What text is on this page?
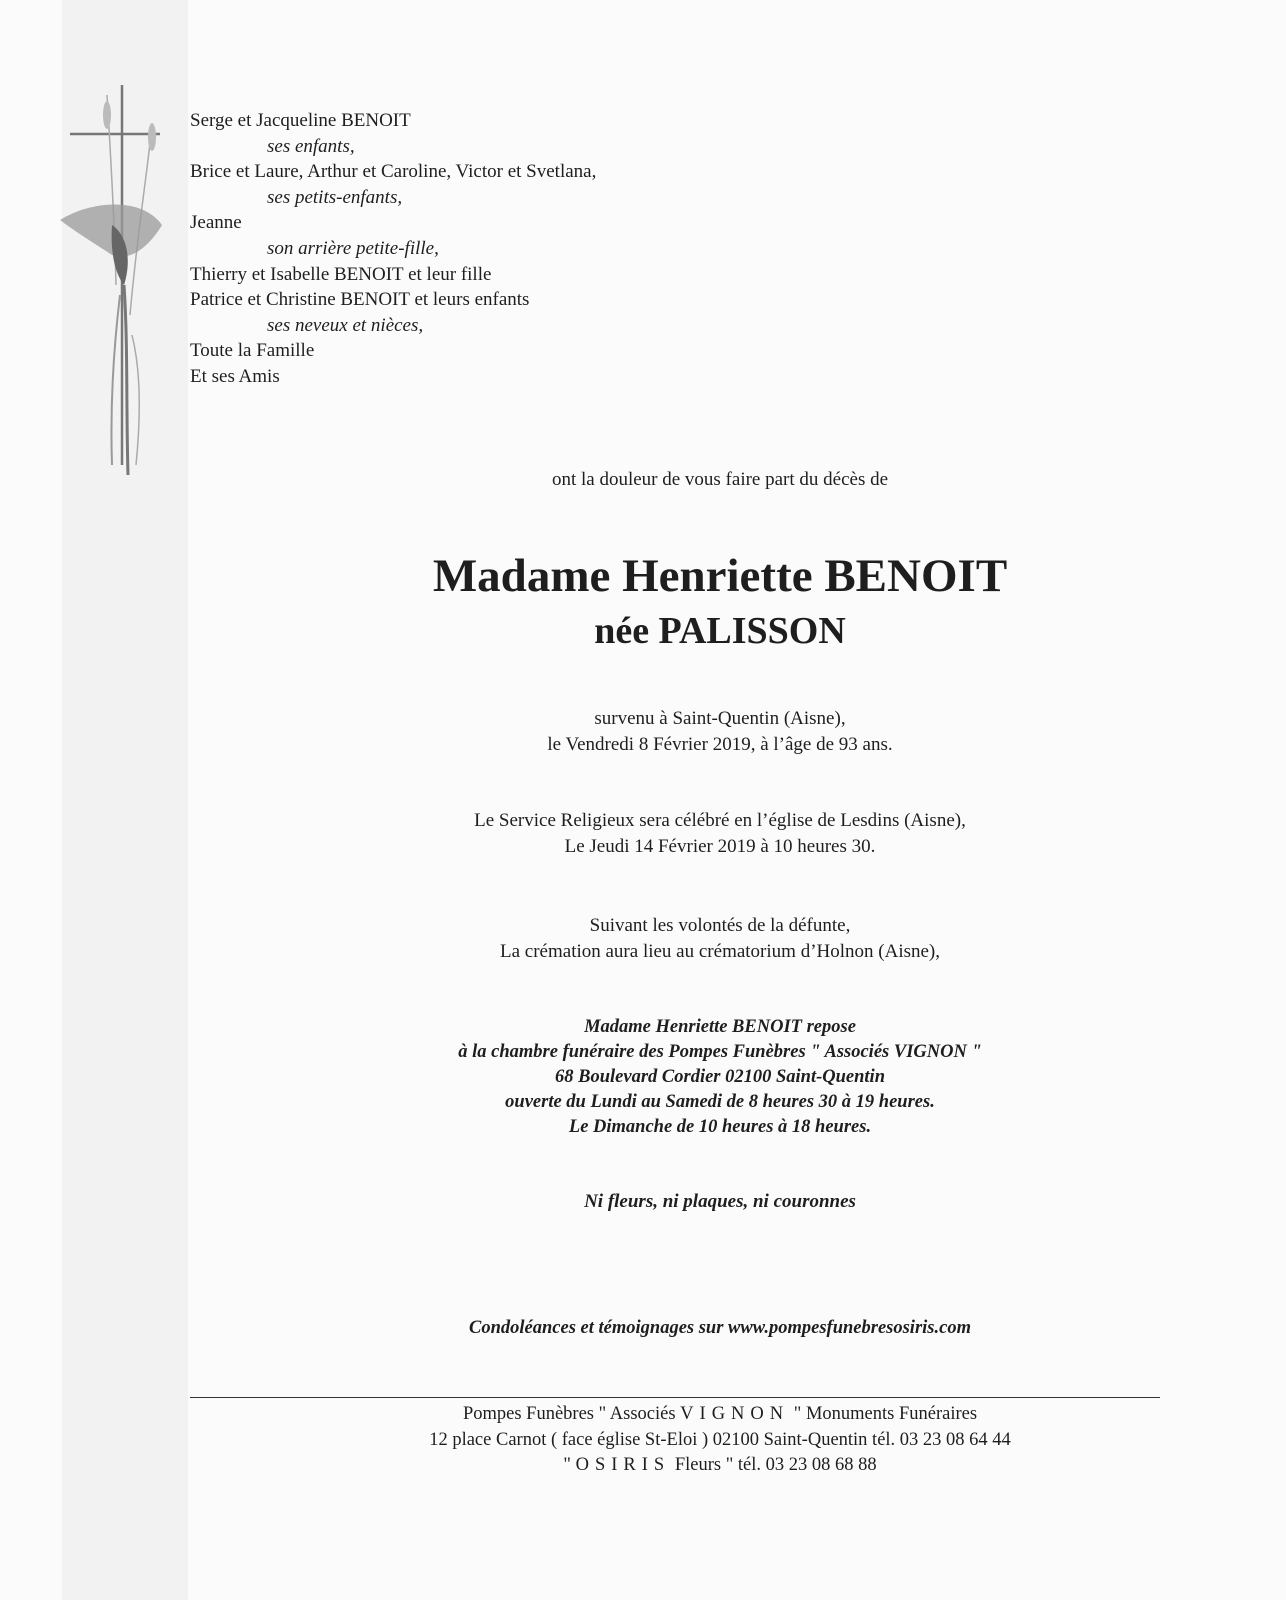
Serge et Jacqueline BENOIT
ses enfants,
Brice et Laure, Arthur et Caroline, Victor et Svetlana,
ses petits-enfants,
Jeanne
son arrière petite-fille,
Thierry et Isabelle BENOIT et leur fille
Patrice et Christine BENOIT et leurs enfants
ses neveux et nièces,
Toute la Famille
Et ses Amis
ont la douleur de vous faire part du décès de
Madame Henriette BENOIT
née PALISSON
survenu à Saint-Quentin (Aisne),
le Vendredi 8 Février 2019, à l’âge de 93 ans.
Le Service Religieux sera célébré en l’église de Lesdins (Aisne),
Le Jeudi 14 Février 2019 à 10 heures 30.
Suivant les volontés de la défunte,
La crémation aura lieu au crématorium d’Holnon (Aisne),
Madame Henriette BENOIT repose
à la chambre funéraire des Pompes Funèbres " Associés VIGNON "
68 Boulevard Cordier 02100 Saint-Quentin
ouverte du Lundi au Samedi de 8 heures 30 à 19 heures.
Le Dimanche de 10 heures à 18 heures.
Ni fleurs, ni plaques, ni couronnes
Condoléances et témoignages sur www.pompesfunebresosiris.com
Pompes Funèbres " Associés VIGNON " Monuments Funéraires
12 place Carnot ( face église St-Eloi ) 02100 Saint-Quentin tél. 03 23 08 64 44
" OSIRIS Fleurs " tél. 03 23 08 68 88
